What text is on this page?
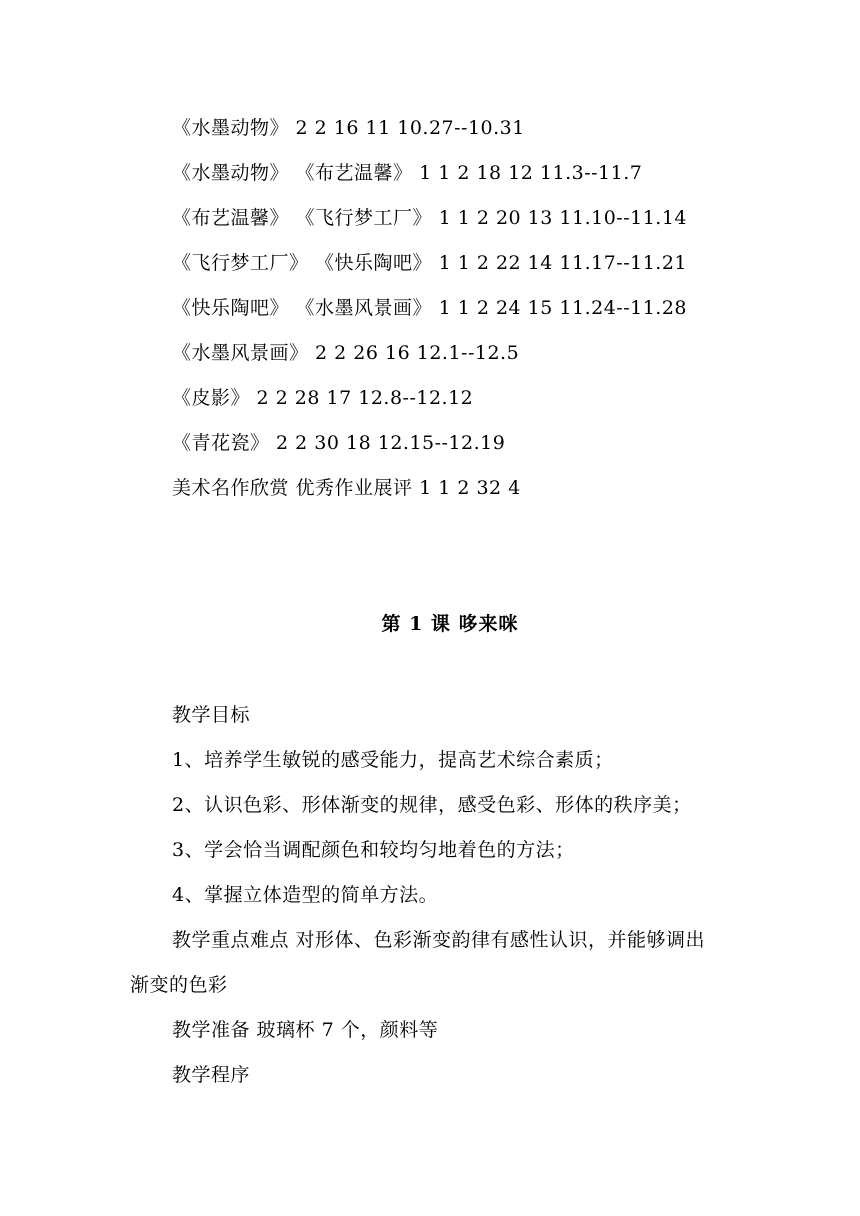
《水墨动物》 2 2 16 11 10.27--10.31
《水墨动物》 《布艺温馨》 1 1 2 18 12 11.3--11.7
《布艺温馨》 《飞行梦工厂》 1 1 2 20 13 11.10--11.14
《飞行梦工厂》 《快乐陶吧》 1 1 2 22 14 11.17--11.21
《快乐陶吧》 《水墨风景画》 1 1 2 24 15 11.24--11.28
《水墨风景画》 2 2 26 16 12.1--12.5
《皮影》 2 2 28 17 12.8--12.12
《青花瓷》 2 2 30 18 12.15--12.19
美术名作欣赏 优秀作业展评 1 1 2 32 4
第 1 课 哆来咪
教学目标
1、培养学生敏锐的感受能力，提高艺术综合素质；
2、认识色彩、形体渐变的规律，感受色彩、形体的秩序美；
3、学会恰当调配颜色和较均匀地着色的方法；
4、掌握立体造型的简单方法。
教学重点难点 对形体、色彩渐变韵律有感性认识，并能够调出
渐变的色彩
教学准备 玻璃杯 7 个，颜料等
教学程序
